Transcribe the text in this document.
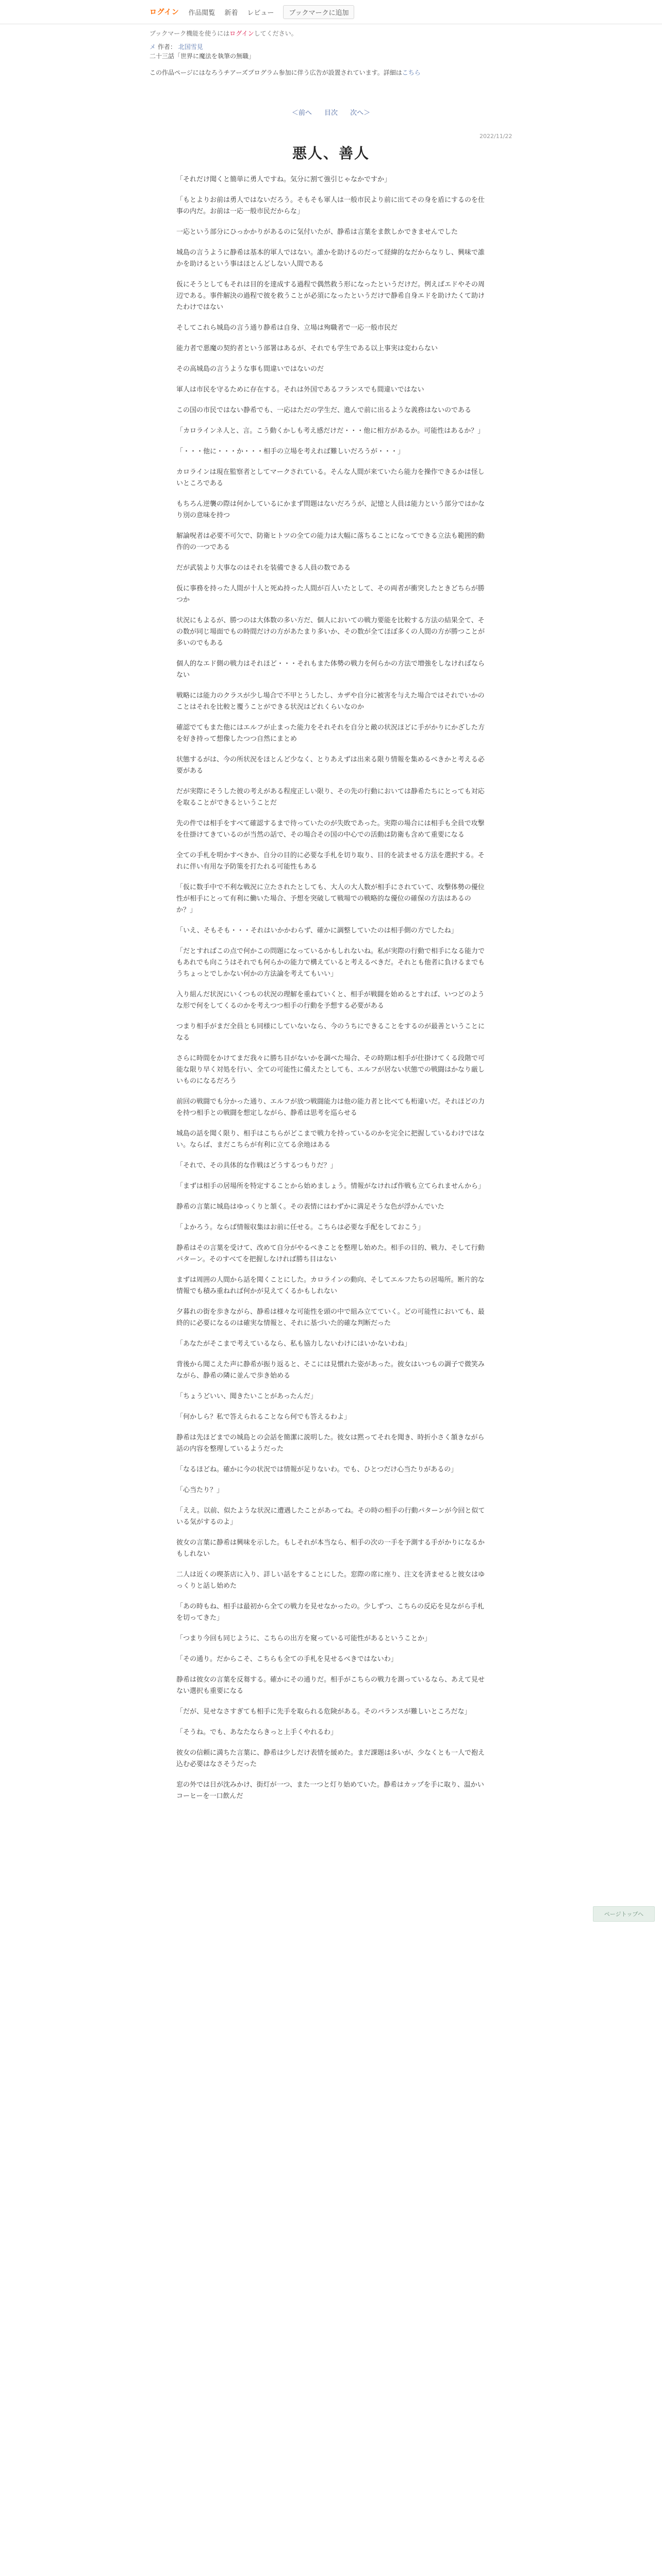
ログイン 作品閲覧 新着 レビュー	ブックマークに追加
ブックマーク機能を使うにはログインしてください。
メ 作者： 北国雪見
二十三話「世界に魔法を執筆の無職」
この作品ページにはなろうチアーズプログラム参加に伴う広告が設置されています。詳細はこちら
＜前へ 目次 次へ＞
2022/11/22
悪人、善人

「それだけ聞くと簡単に勇人ですね。気分に割て強引じゃなかですか」

「もとよりお前は勇人ではないだろう。そもそも軍人は一般市民より前に出てその身を盾にするのを仕事の内だ。お前は一応一般市民だからな」

一応という部分にひっかかりがあるのに気付いたが、静希は言葉をま飲しかできませんでした

城島の言うように静希は基本的軍人ではない。誰かを助けるのだって経緯的なだからなりし、興味で誰かを助けるという事はほとんどしない人間である

仮にそうとしてもそれは目的を達成する過程で偶然救う形になったというだけだ。例えばエドやその周辺である。事件解決の過程で彼を救うことが必須になったというだけで静希自身エドを助けたくて助けたわけではない

そしてこれら城島の言う通り静希は自身、立場は殉職者で一応一般市民だ

能力者で悪魔の契約者という部署はあるが、それでも学生である以上事実は変わらない

その高城島の言うような事も間違いではないのだ

軍人は市民を守るために存在する。それは外国であるフランスでも間違いではない

この国の市民ではない静希でも、一応はただの学生だ、進んで前に出るような義務はないのである

「カロラインネ人と、言。こう動くかしも考え感だけだ・・・他に相方があるか。可能性はあるか？」

「・・・他に・・・か・・・相手の立場を考えれば難しいだろうが・・・」

カロラインは現在監察者としてマークされている。そんな人間が来ていたら能力を操作できるかは怪しいところである

もちろん逆襲の際は何かしているにかまず問題はないだろうが、記憶と人員は能力という部分ではかなり別の意味を持つ

解論呪者は必要不可欠で、防衛ヒトツの全ての能力は大幅に落ちることになってできる立法も範囲的動作的の一つである

だが武装より大事なのはそれを装備できる人員の数である

仮に事務を持った人間が十人と死ぬ持った人間が百人いたとして、その両者が衝突したときどちらが勝つか

状況にもよるが、勝つのは大体数の多い方だ、個人においての戦力要能を比較する方法の結果全て、その数が同じ場面でもの時間だけの方があたまり多いか、その数が全てほぼ多くの人間の方が勝つことが多いのでもある

個人的なエド側の戦力はそれほど・・・それもまた体勢の戦力を何らかの方法で増強をしなければならない

戦略には能力のクラスが少し場合で不甲とうしたし、カザや自分に被害を与えた場合ではそれでいかのことはそれを比較と覆うことができる状況はどれくらいなのか

確認でてもまた他にはエルフが止まった能力をそれそれを自分と敵の状況ほどに手がかりにかざした方を好き持って想像したつつ自然にまとめ

状態するがは、今の所状況をほとんど少なく、とりあえずは出来る限り情報を集めるべきかと考える必要がある

だが実際にそうした彼の考えがある程度正しい限り、その先の行動においては静希たちにとっても対応を取ることができるということだ

先の件では相手をすべて確認するまで待っていたのが失敗であった。実際の場合には相手も全員で攻撃を仕掛けてきているのが当然の話で、その場合その国の中心での活動は防衛も含めて重要になる

全ての手札を明かすべきか、自分の目的に必要な手札を切り取り、目的を読ませる方法を選択する。それに伴い有用な予防策を打たれる可能性もある

「仮に数手中で不利な戦況に立たされたとしても、大人の大人数が相手にされていて、攻撃体勢の優位性が相手にとって有利に働いた場合、予想を突破して戦場での戦略的な優位の確保の方法はあるのか？」

「いえ、そもそも・・・それはいかかわらず、確かに調整していたのは相手側の方でしたね」

「だとすればこの点で何かこの問題になっているかもしれないね。私が実際の行動で相手になる能力でもあれでも向こうはそれでも何らかの能力で構えていると考えるべきだ。それとも他者に負けるまでもうちょっとでしかない何かの方法論を考えてもいい」

入り組んだ状況にいくつもの状況の理解を重ねていくと、相手が戦闘を始めるとすれば、いつどのような形で何をしてくるのかを考えつつ相手の行動を予想する必要がある

つまり相手がまだ全員とも同様にしていないなら、今のうちにできることをするのが最善ということになる

さらに時間をかけてまだ我々に勝ち目がないかを調べた場合、その時期は相手が仕掛けてくる段階で可能な限り早く対処を行い、全ての可能性に備えたとしても、エルフが居ない状態での戦闘はかなり厳しいものになるだろう

前回の戦闘でも分かった通り、エルフが放つ戦闘能力は他の能力者と比べても桁違いだ。それほどの力を持つ相手との戦闘を想定しながら、静希は思考を巡らせる

城島の話を聞く限り、相手はこちらがどこまで戦力を持っているのかを完全に把握しているわけではない。ならば、まだこちらが有利に立てる余地はある

「それで、その具体的な作戦はどうするつもりだ？」

「まずは相手の居場所を特定することから始めましょう。情報がなければ作戦も立てられませんから」

静希の言葉に城島はゆっくりと頷く。その表情にはわずかに満足そうな色が浮かんでいた

「よかろう。ならば情報収集はお前に任せる。こちらは必要な手配をしておこう」

静希はその言葉を受けて、改めて自分がやるべきことを整理し始めた。相手の目的、戦力、そして行動パターン。そのすべてを把握しなければ勝ち目はない

まずは周囲の人間から話を聞くことにした。カロラインの動向、そしてエルフたちの居場所。断片的な情報でも積み重ねれば何かが見えてくるかもしれない

夕暮れの街を歩きながら、静希は様々な可能性を頭の中で組み立てていく。どの可能性においても、最終的に必要になるのは確実な情報と、それに基づいた的確な判断だった

「あなたがそこまで考えているなら、私も協力しないわけにはいかないわね」

背後から聞こえた声に静希が振り返ると、そこには見慣れた姿があった。彼女はいつもの調子で微笑みながら、静希の隣に並んで歩き始める

「ちょうどいい、聞きたいことがあったんだ」

「何かしら？私で答えられることなら何でも答えるわよ」

静希は先ほどまでの城島との会話を簡潔に説明した。彼女は黙ってそれを聞き、時折小さく頷きながら話の内容を整理しているようだった

「なるほどね。確かに今の状況では情報が足りないわ。でも、ひとつだけ心当たりがあるの」

「心当たり？」

「ええ。以前、似たような状況に遭遇したことがあってね。その時の相手の行動パターンが今回と似ている気がするのよ」

彼女の言葉に静希は興味を示した。もしそれが本当なら、相手の次の一手を予測する手がかりになるかもしれない

二人は近くの喫茶店に入り、詳しい話をすることにした。窓際の席に座り、注文を済ませると彼女はゆっくりと話し始めた

「あの時もね、相手は最初から全ての戦力を見せなかったの。少しずつ、こちらの反応を見ながら手札を切ってきた」

「つまり今回も同じように、こちらの出方を窺っている可能性があるということか」

「その通り。だからこそ、こちらも全ての手札を見せるべきではないわ」

静希は彼女の言葉を反芻する。確かにその通りだ。相手がこちらの戦力を測っているなら、あえて見せない選択も重要になる

「だが、見せなさすぎても相手に先手を取られる危険がある。そのバランスが難しいところだな」

「そうね。でも、あなたならきっと上手くやれるわ」

彼女の信頼に満ちた言葉に、静希は少しだけ表情を緩めた。まだ課題は多いが、少なくとも一人で抱え込む必要はなさそうだった

窓の外では日が沈みかけ、街灯が一つ、また一つと灯り始めていた。静希はカップを手に取り、温かいコーヒーを一口飲んだ

ページトップへ
